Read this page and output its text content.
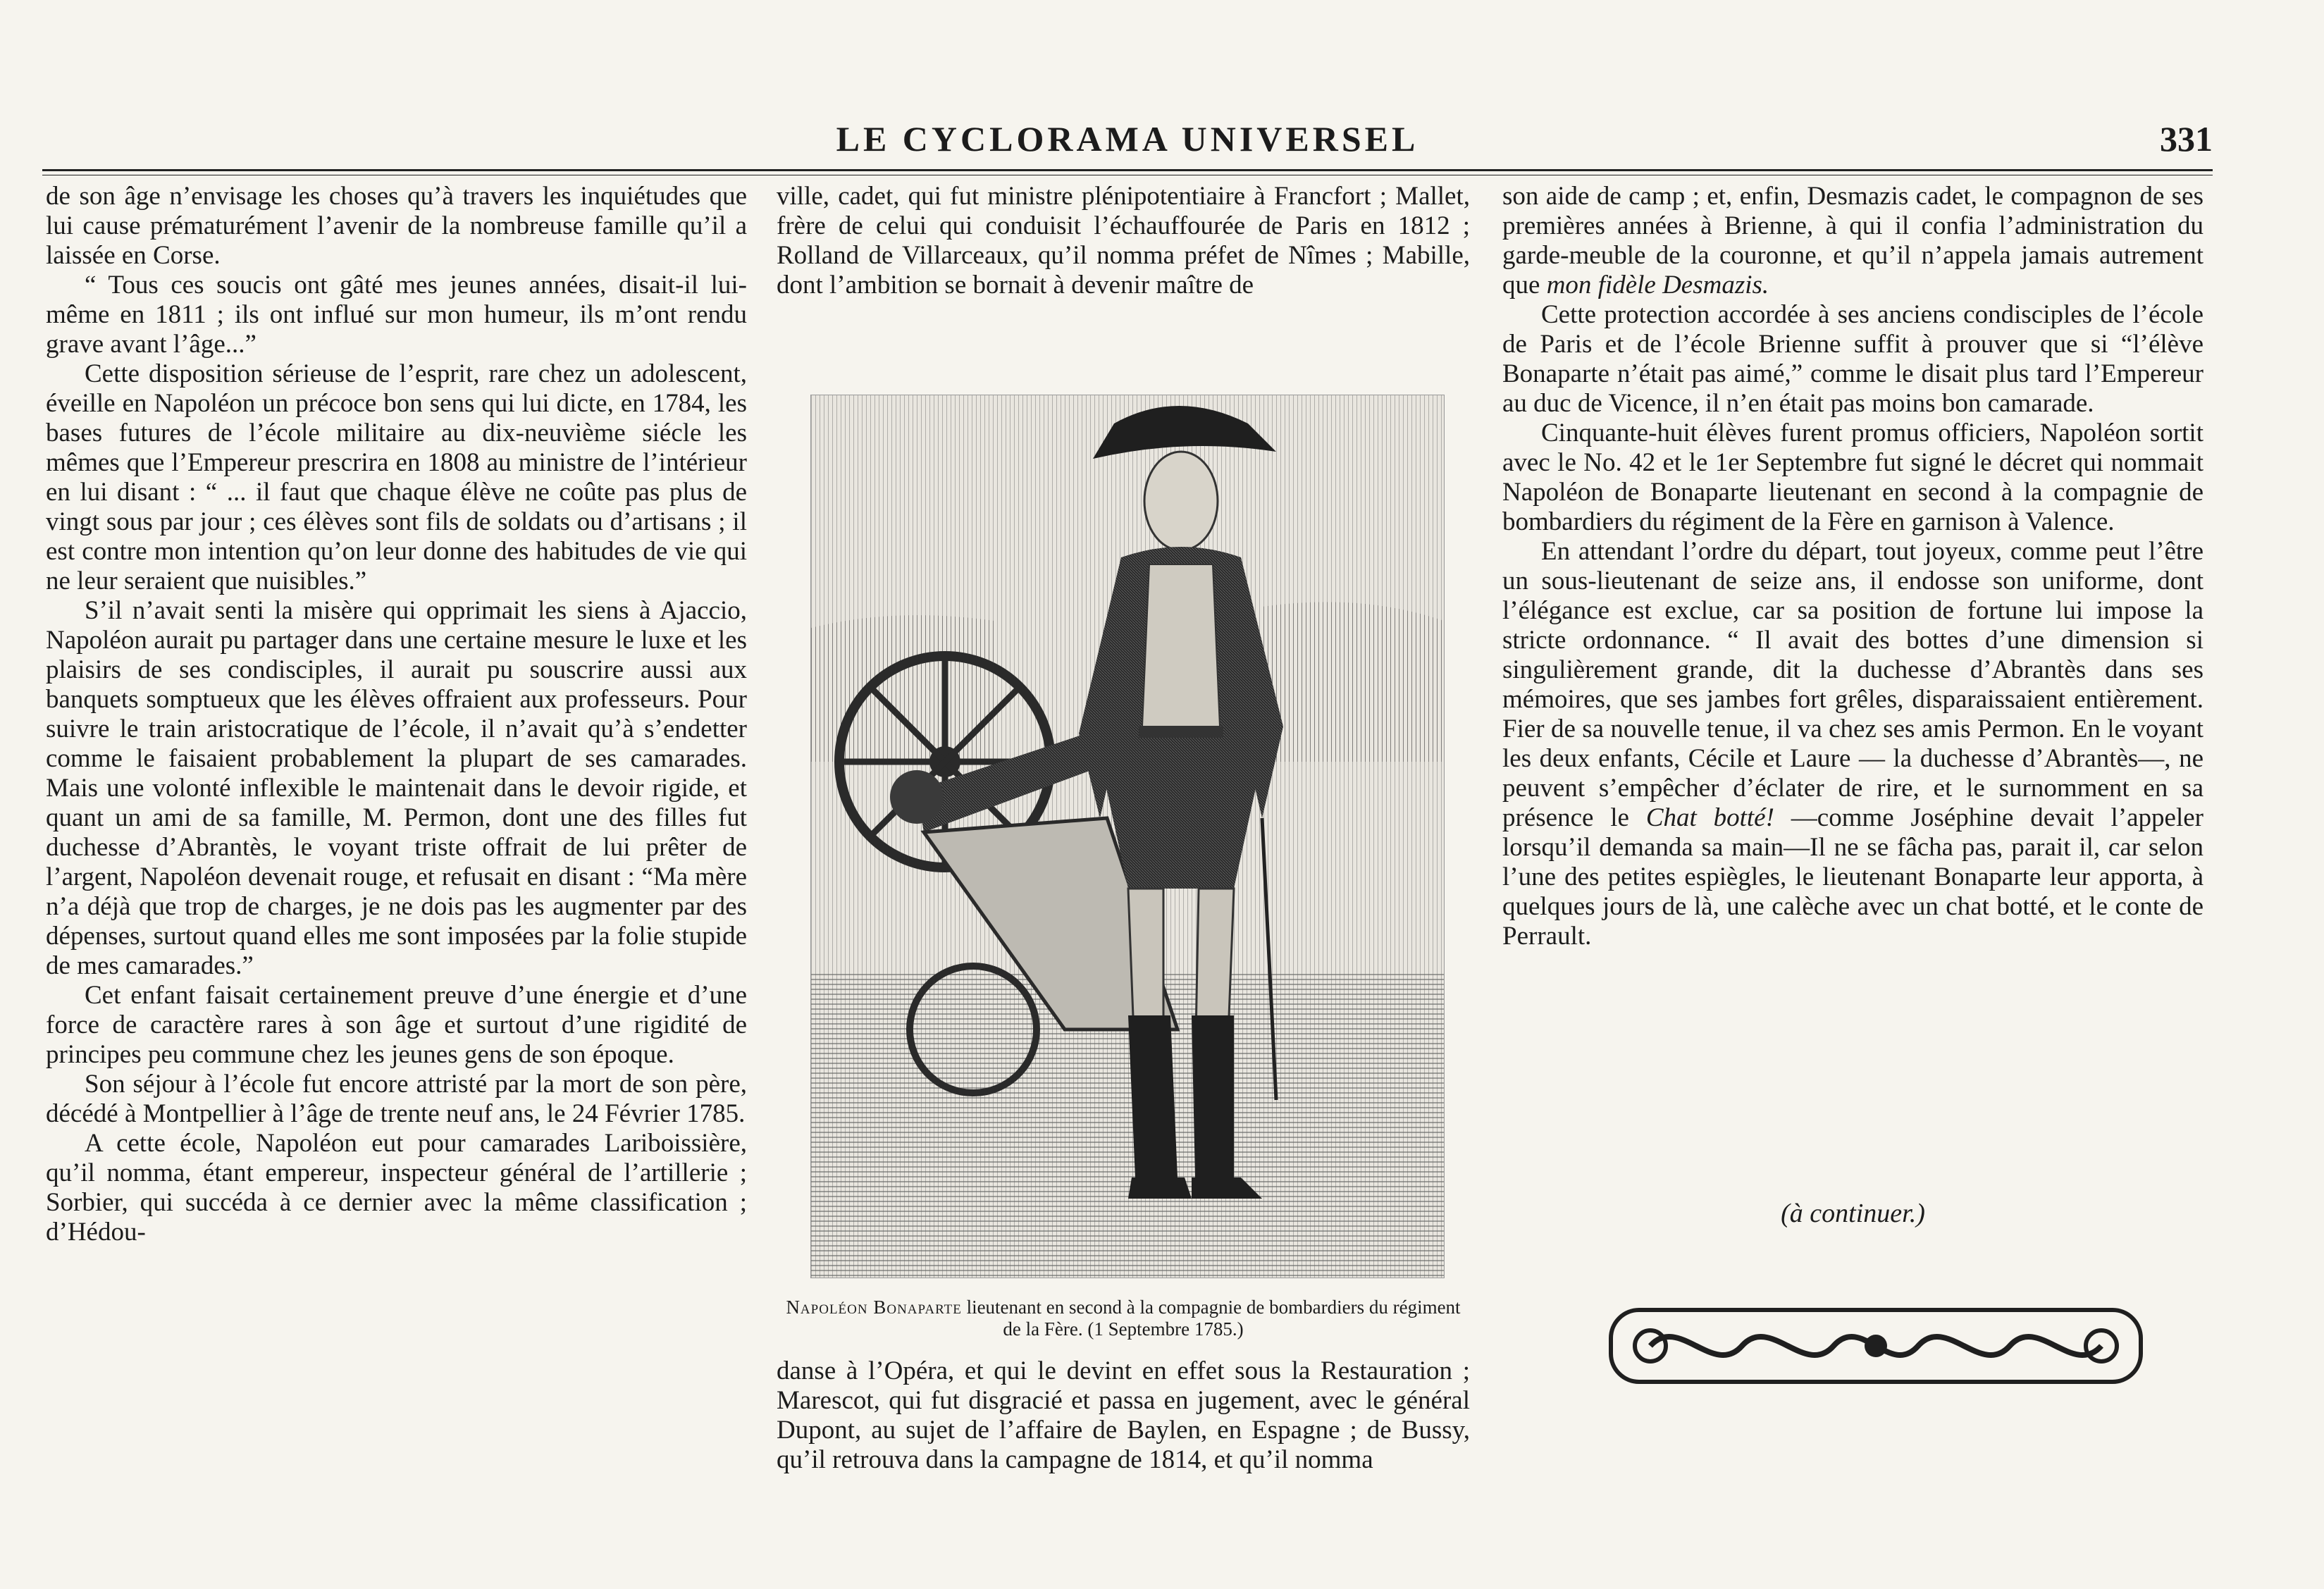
LE CYCLORAMA UNIVERSEL	331

de son âge n’envisage les choses qu’à travers les inquiétudes que lui cause prématurément l’avenir de la nombreuse famille qu’il a laissée en Corse.

“ Tous ces soucis ont gâté mes jeunes années, disait-il lui-même en 1811 ; ils ont influé sur mon humeur, ils m’ont rendu grave avant l’âge...”

Cette disposition sérieuse de l’esprit, rare chez un adolescent, éveille en Napoléon un précoce bon sens qui lui dicte, en 1784, les bases futures de l’école militaire au dix-neuvième siécle les mêmes que l’Empereur prescrira en 1808 au ministre de l’intérieur en lui disant : “ ... il faut que chaque élève ne coûte pas plus de vingt sous par jour ; ces élèves sont fils de soldats ou d’artisans ; il est contre mon intention qu’on leur donne des habitudes de vie qui ne leur seraient que nuisibles.”

S’il n’avait senti la misère qui opprimait les siens à Ajaccio, Napoléon aurait pu partager dans une certaine mesure le luxe et les plaisirs de ses condisciples, il aurait pu souscrire aussi aux banquets somptueux que les élèves offraient aux professeurs. Pour suivre le train aristocratique de l’école, il n’avait qu’à s’endetter comme le faisaient probablement la plupart de ses camarades. Mais une volonté inflexible le maintenait dans le devoir rigide, et quant un ami de sa famille, M. Permon, dont une des filles fut duchesse d’Abrantès, le voyant triste offrait de lui prêter de l’argent, Napoléon devenait rouge, et refusait en disant : “Ma mère n’a déjà que trop de charges, je ne dois pas les augmenter par des dépenses, surtout quand elles me sont imposées par la folie stupide de mes camarades.”

Cet enfant faisait certainement preuve d’une énergie et d’une force de caractère rares à son âge et surtout d’une rigidité de principes peu commune chez les jeunes gens de son époque.

Son séjour à l’école fut encore attristé par la mort de son père, décédé à Montpellier à l’âge de trente neuf ans, le 24 Février 1785.

A cette école, Napoléon eut pour camarades Lariboissière, qu’il nomma, étant empereur, inspecteur général de l’artillerie ; Sorbier, qui succéda à ce dernier avec la même classification ; d’Hédou-

ville, cadet, qui fut ministre plénipotentiaire à Francfort ; Mallet, frère de celui qui conduisit l’échauffourée de Paris en 1812 ; Rolland de Villarceaux, qu’il nomma préfet de Nîmes ; Mabille, dont l’ambition se bornait à devenir maître de

Napoléon Bonaparte lieutenant en second à la compagnie de bombardiers du régiment de la Fère. (1 Septembre 1785.)

danse à l’Opéra, et qui le devint en effet sous la Restauration ; Marescot, qui fut disgracié et passa en jugement, avec le général Dupont, au sujet de l’affaire de Baylen, en Espagne ; de Bussy, qu’il retrouva dans la campagne de 1814, et qu’il nomma

son aide de camp ; et, enfin, Desmazis cadet, le compagnon de ses premières années à Brienne, à qui il confia l’administration du garde-meuble de la couronne, et qu’il n’appela jamais autrement que mon fidèle Desmazis.

Cette protection accordée à ses anciens condisciples de l’école de Paris et de l’école Brienne suffit à prouver que si “l’élève Bonaparte n’était pas aimé,” comme le disait plus tard l’Empereur au duc de Vicence, il n’en était pas moins bon camarade.

Cinquante-huit élèves furent promus officiers, Napoléon sortit avec le No. 42 et le 1er Septembre fut signé le décret qui nommait Napoléon de Bonaparte lieutenant en second à la compagnie de bombardiers du régiment de la Fère en garnison à Valence.

En attendant l’ordre du départ, tout joyeux, comme peut l’être un sous-lieutenant de seize ans, il endosse son uniforme, dont l’élégance est exclue, car sa position de fortune lui impose la stricte ordonnance. “ Il avait des bottes d’une dimension si singulièrement grande, dit la duchesse d’Abrantès dans ses mémoires, que ses jambes fort grêles, disparaissaient entièrement. Fier de sa nouvelle tenue, il va chez ses amis Permon. En le voyant les deux enfants, Cécile et Laure — la duchesse d’Abrantès—, ne peuvent s’empêcher d’éclater de rire, et le surnomment en sa présence le Chat botté! —comme Joséphine devait l’appeler lorsqu’il demanda sa main—Il ne se fâcha pas, parait il, car selon l’une des petites espiègles, le lieutenant Bonaparte leur apporta, à quelques jours de là, une calèche avec un chat botté, et le conte de Perrault.

(à continuer.)
